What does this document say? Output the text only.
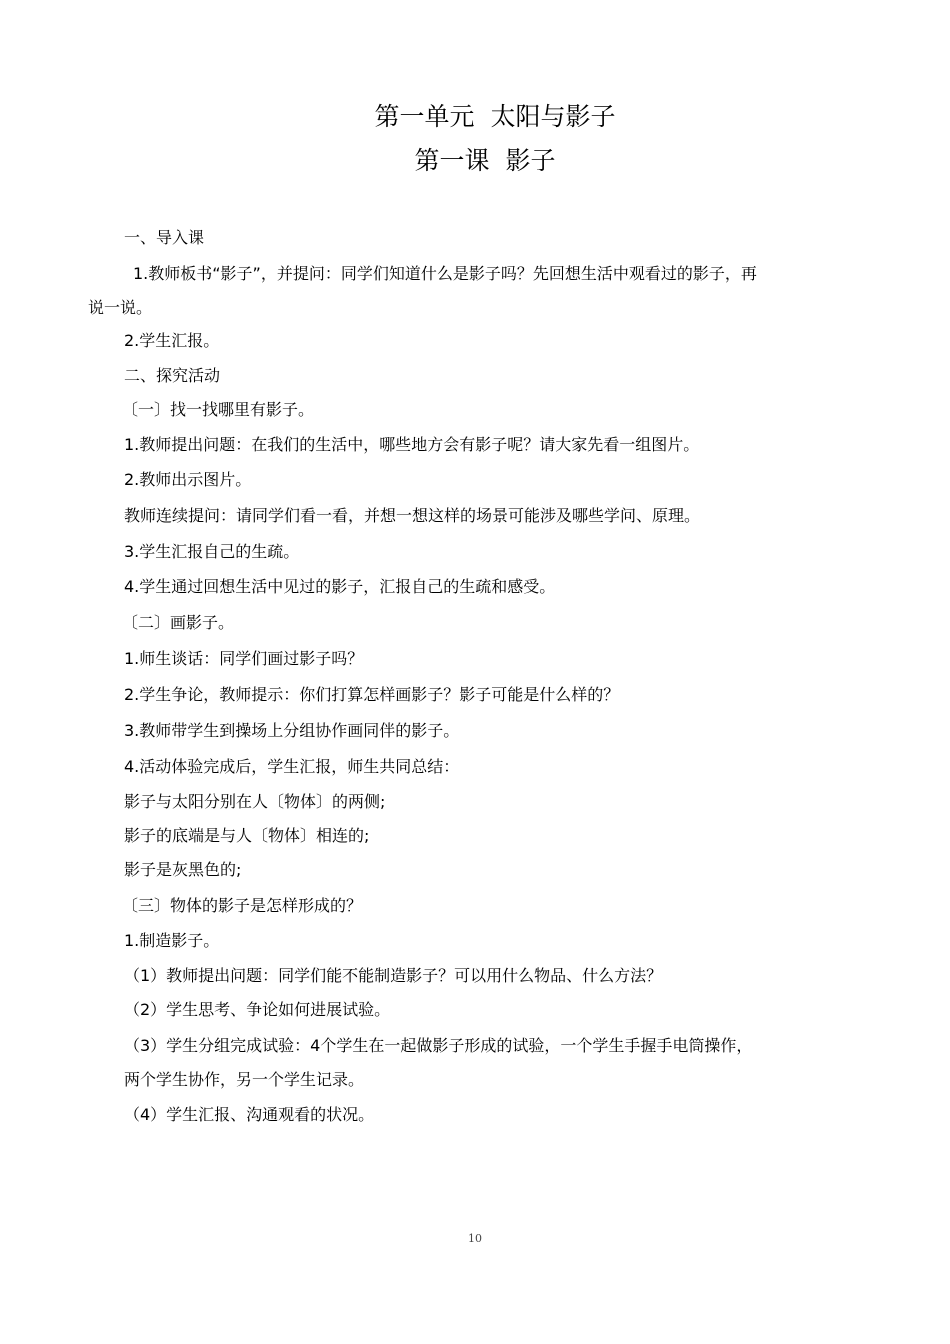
第一单元  太阳与影子
第一课  影子
一、导入课
1.教师板书“影子”，并提问：同学们知道什么是影子吗？先回想生活中观看过的影子，再
说一说。
2.学生汇报。
二、探究活动
〔一〕找一找哪里有影子。
1.教师提出问题：在我们的生活中，哪些地方会有影子呢？请大家先看一组图片。
2.教师出示图片。
教师连续提问：请同学们看一看，并想一想这样的场景可能涉及哪些学问、原理。
3.学生汇报自己的生疏。
4.学生通过回想生活中见过的影子，汇报自己的生疏和感受。
〔二〕画影子。
1.师生谈话：同学们画过影子吗？
2.学生争论，教师提示：你们打算怎样画影子？影子可能是什么样的？
3.教师带学生到操场上分组协作画同伴的影子。
4.活动体验完成后，学生汇报，师生共同总结：
影子与太阳分别在人〔物体〕的两侧;
影子的底端是与人〔物体〕相连的;
影子是灰黑色的;
〔三〕物体的影子是怎样形成的？
1.制造影子。
（1）教师提出问题：同学们能不能制造影子？可以用什么物品、什么方法？
（2）学生思考、争论如何进展试验。
（3）学生分组完成试验：4个学生在一起做影子形成的试验，一个学生手握手电筒操作，
两个学生协作，另一个学生记录。
（4）学生汇报、沟通观看的状况。
10
